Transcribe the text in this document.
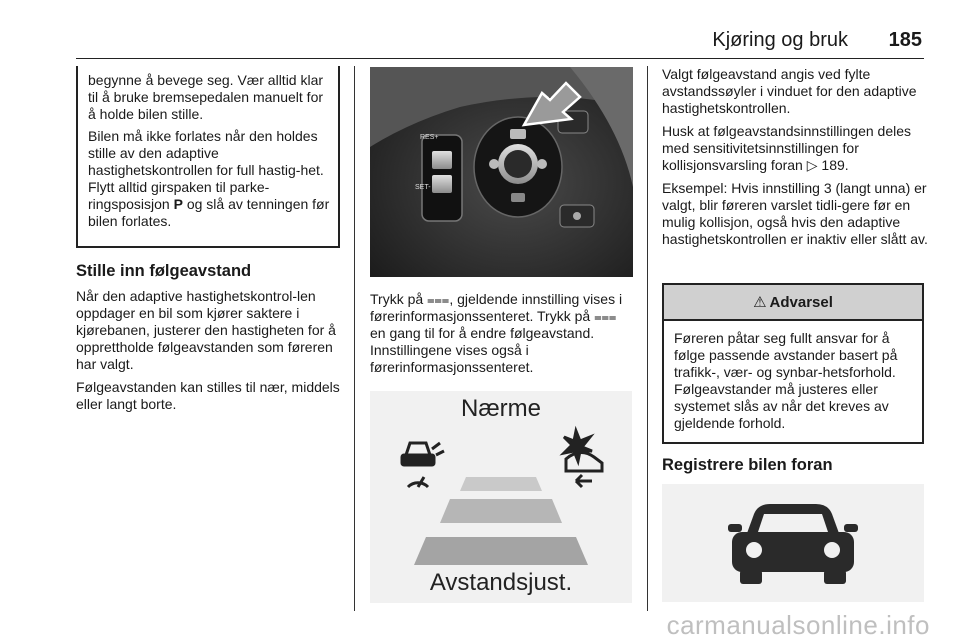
Kjøring og bruk 185

begynne å bevege seg. Vær alltid klar til å bruke bremsepedalen manuelt for å holde bilen stille.

Bilen må ikke forlates når den holdes stille av den adaptive hastighetskontrollen for full hastig-het. Flytt alltid girspaken til parke-ringsposisjon P og slå av tenningen før bilen forlates.

Stille inn følgeavstand

Når den adaptive hastighetskontrol-len oppdager en bil som kjører saktere i kjørebanen, justerer den hastigheten for å opprettholde følgeavstanden som føreren har valgt.

Følgeavstanden kan stilles til nær, middels eller langt borte.

RES+
SET-

Trykk på ⩶, gjeldende innstilling vises i førerinformasjonssenteret. Trykk på ⩶ en gang til for å endre følgeavstand. Innstillingene vises også i førerinformasjonssenteret.

Nærme
Avstandsjust.

Valgt følgeavstand angis ved fylte avstandssøyler i vinduet for den adaptive hastighetskontrollen.

Husk at følgeavstandsinnstillingen deles med sensitivitetsinnstillingen for kollisjonsvarsling foran ▷ 189.

Eksempel: Hvis innstilling 3 (langt unna) er valgt, blir føreren varslet tidli-gere før en mulig kollisjon, også hvis den adaptive hastighetskontrollen er inaktiv eller slått av.

⚠ Advarsel
Føreren påtar seg fullt ansvar for å følge passende avstander basert på trafikk-, vær- og synbar-hetsforhold. Følgeavstander må justeres eller systemet slås av når det kreves av gjeldende forhold.
Registrere bilen foran
carmanualsonline.info
